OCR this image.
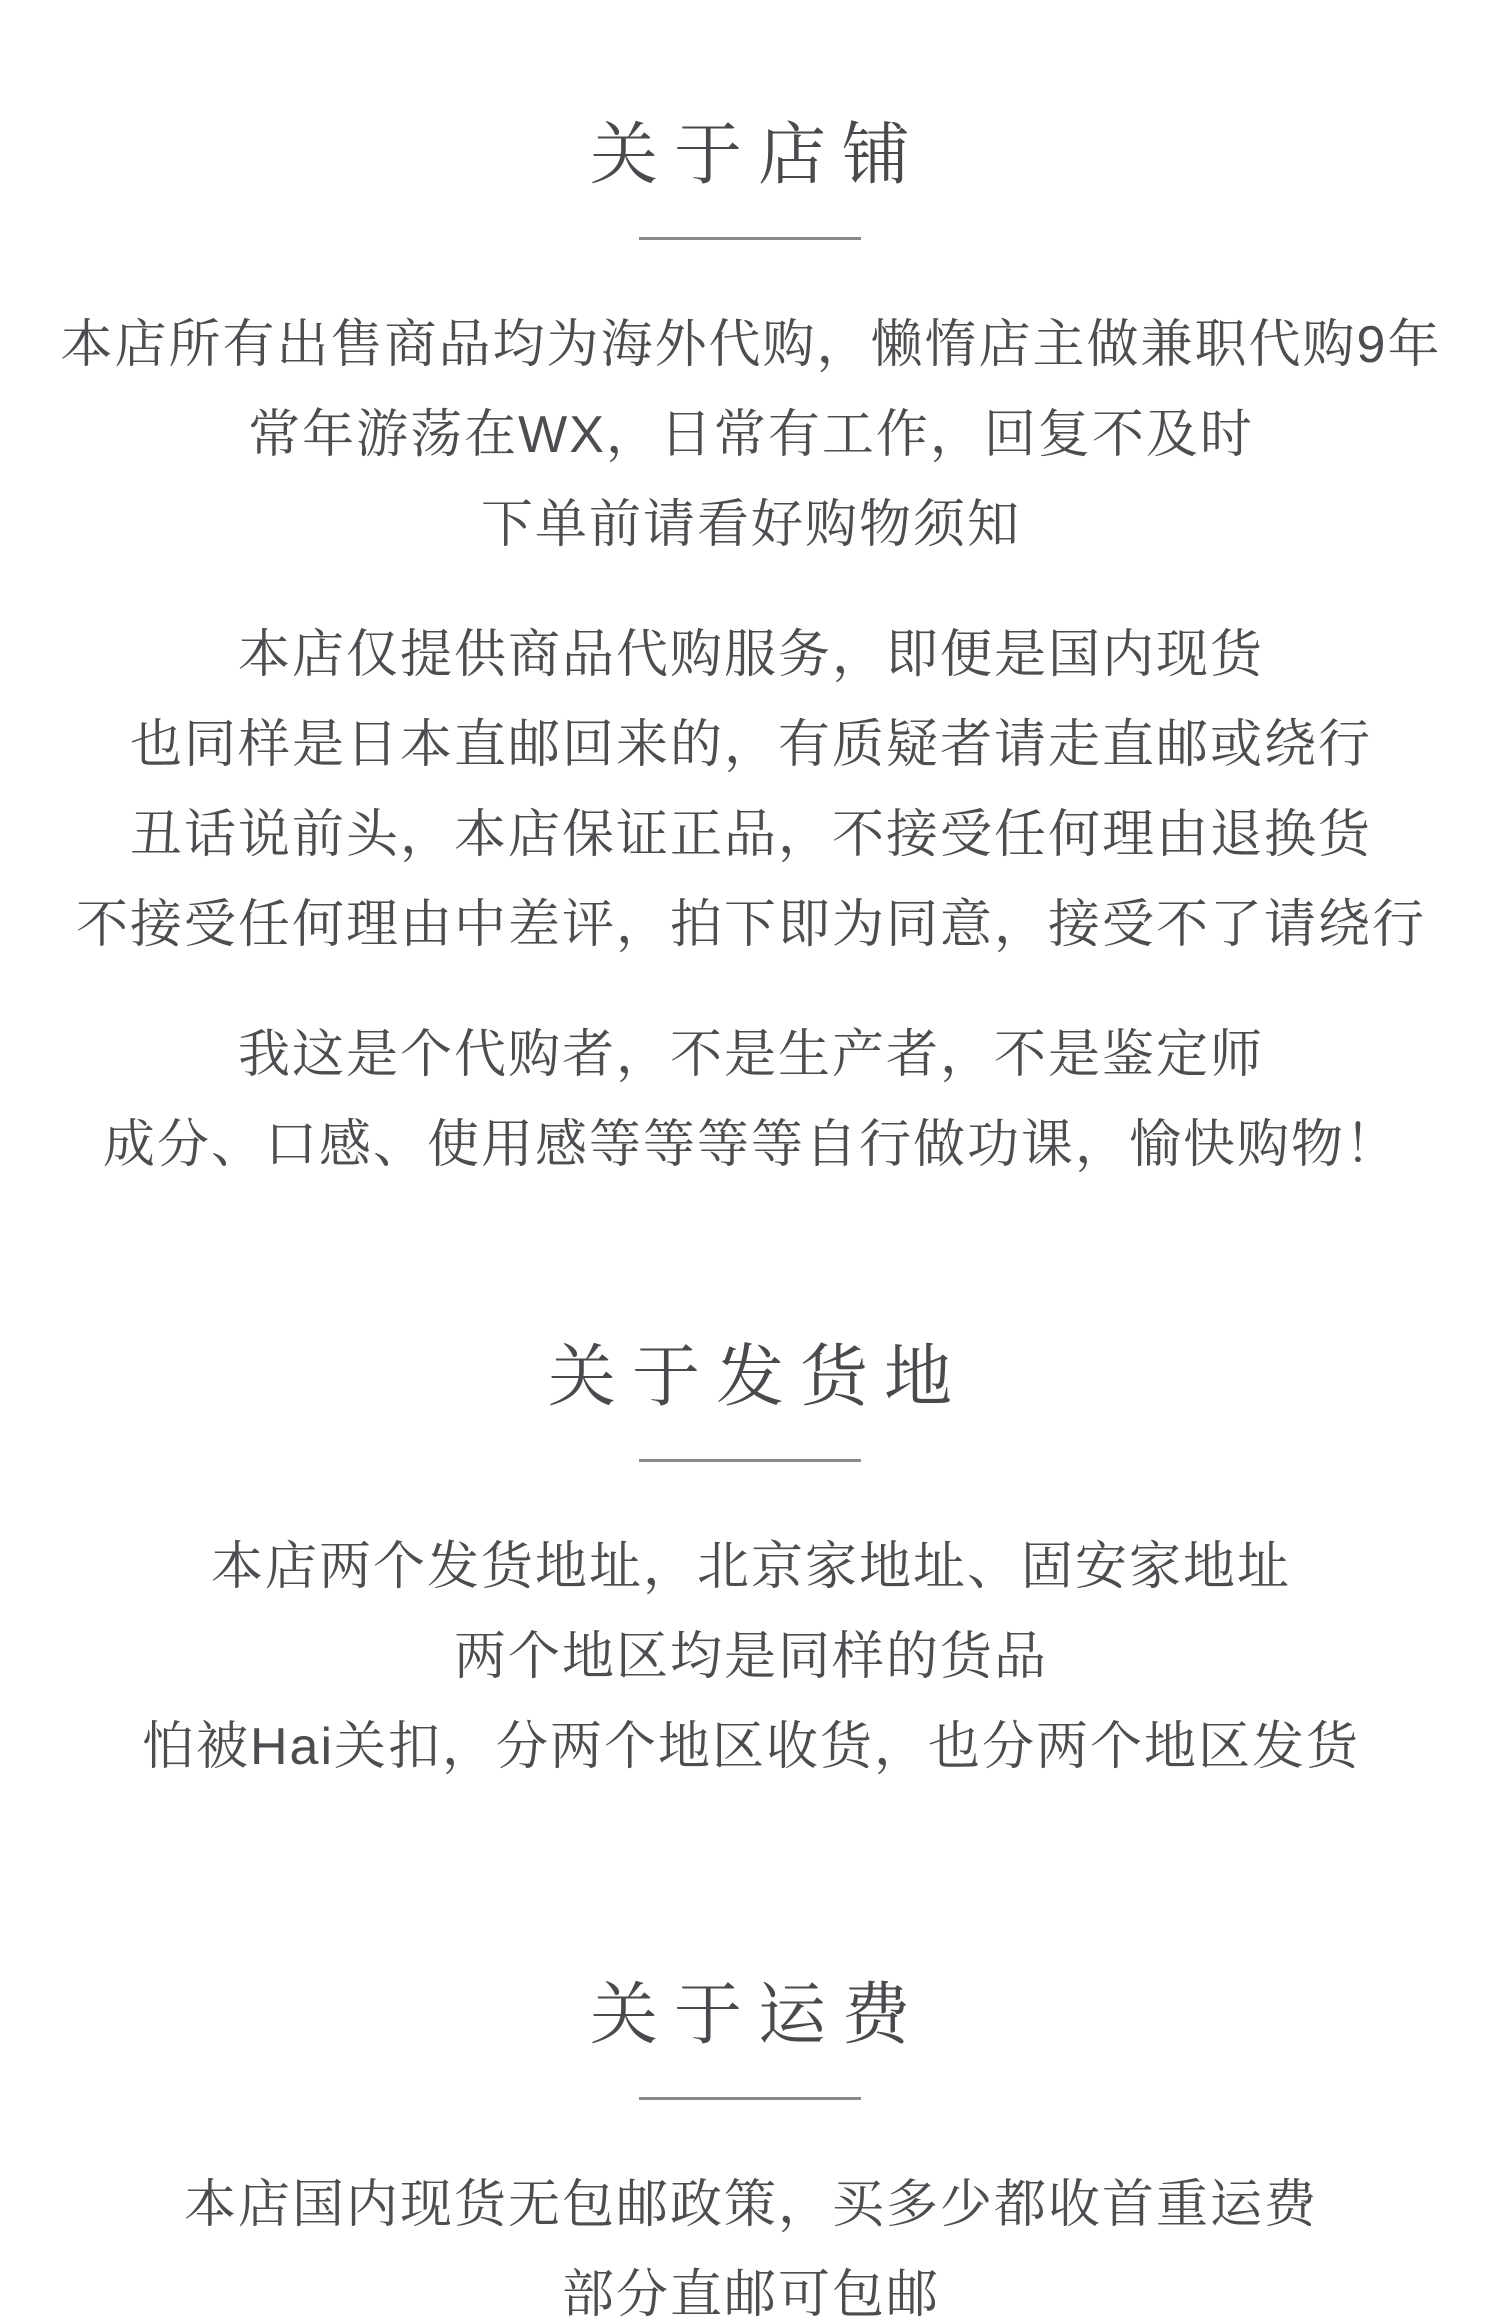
关于店铺
本店所有出售商品均为海外代购，懒惰店主做兼职代购9年
常年游荡在WX，日常有工作，回复不及时
下单前请看好购物须知
本店仅提供商品代购服务，即便是国内现货
也同样是日本直邮回来的，有质疑者请走直邮或绕行
丑话说前头，本店保证正品，不接受任何理由退换货
不接受任何理由中差评，拍下即为同意，接受不了请绕行
我这是个代购者，不是生产者，不是鉴定师
成分、口感、使用感等等等等自行做功课，愉快购物！
关于发货地
本店两个发货地址，北京家地址、固安家地址
两个地区均是同样的货品
怕被Hai关扣，分两个地区收货，也分两个地区发货
关于运费
本店国内现货无包邮政策，买多少都收首重运费
部分直邮可包邮
